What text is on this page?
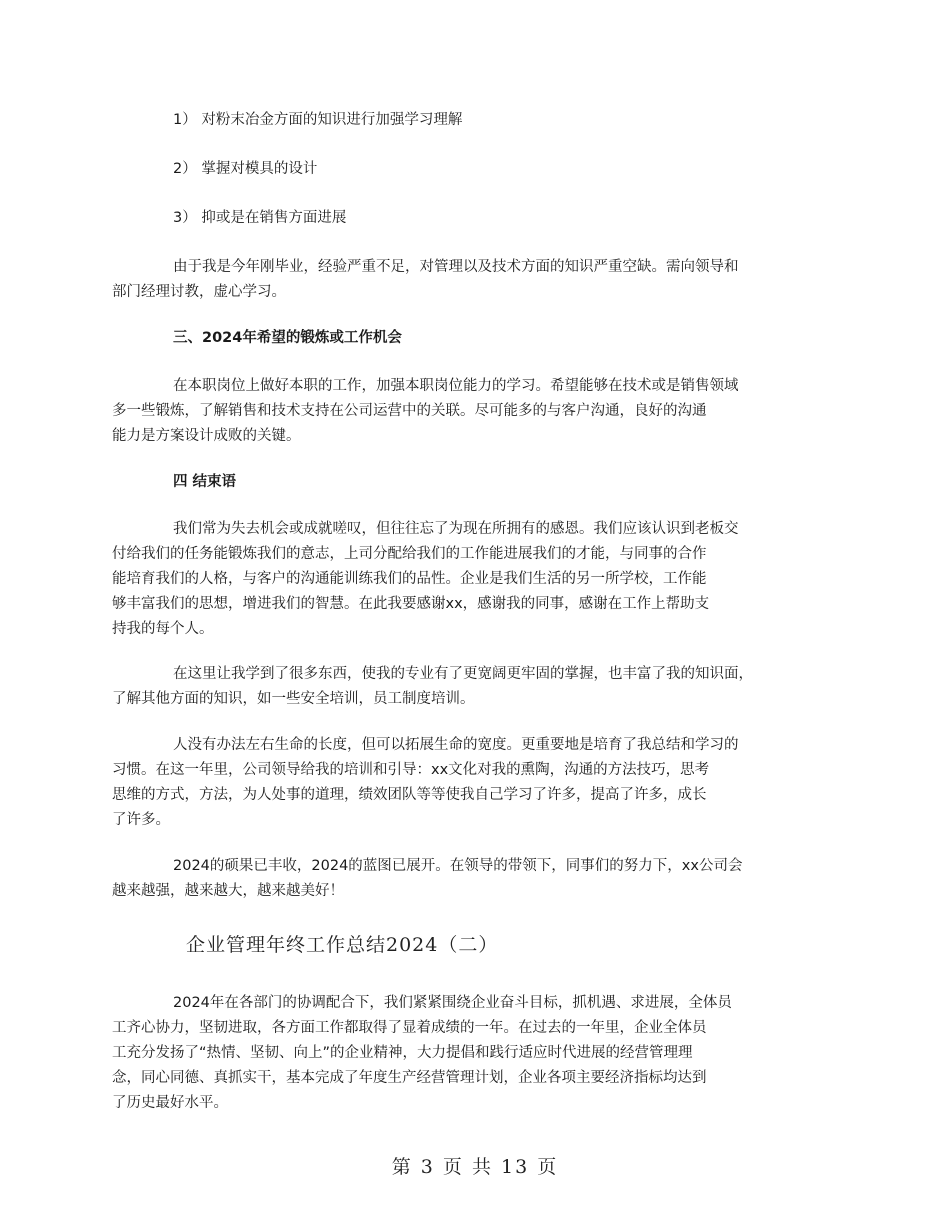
1） 对粉末冶金方面的知识进行加强学习理解
2） 掌握对模具的设计
3） 抑或是在销售方面进展
由于我是今年刚毕业，经验严重不足，对管理以及技术方面的知识严重空缺。需向领导和
部门经理讨教，虚心学习。
三、2024年希望的锻炼或工作机会
在本职岗位上做好本职的工作，加强本职岗位能力的学习。希望能够在技术或是销售领域
多一些锻炼，了解销售和技术支持在公司运营中的关联。尽可能多的与客户沟通，良好的沟通
能力是方案设计成败的关键。
四 结束语
我们常为失去机会或成就嗟叹，但往往忘了为现在所拥有的感恩。我们应该认识到老板交
付给我们的任务能锻炼我们的意志，上司分配给我们的工作能进展我们的才能，与同事的合作
能培育我们的人格，与客户的沟通能训练我们的品性。企业是我们生活的另一所学校，工作能
够丰富我们的思想，增进我们的智慧。在此我要感谢xx，感谢我的同事，感谢在工作上帮助支
持我的每个人。
在这里让我学到了很多东西，使我的专业有了更宽阔更牢固的掌握，也丰富了我的知识面，
了解其他方面的知识，如一些安全培训，员工制度培训。
人没有办法左右生命的长度，但可以拓展生命的宽度。更重要地是培育了我总结和学习的
习惯。在这一年里，公司领导给我的培训和引导：xx文化对我的熏陶，沟通的方法技巧，思考
思维的方式，方法，为人处事的道理，绩效团队等等使我自己学习了许多，提高了许多，成长
了许多。
2024的硕果已丰收，2024的蓝图已展开。在领导的带领下，同事们的努力下，xx公司会
越来越强，越来越大，越来越美好！
企业管理年终工作总结2024（二）
2024年在各部门的协调配合下，我们紧紧围绕企业奋斗目标，抓机遇、求进展，全体员
工齐心协力，坚韧进取，各方面工作都取得了显着成绩的一年。在过去的一年里，企业全体员
工充分发扬了“热情、坚韧、向上”的企业精神，大力提倡和践行适应时代进展的经营管理理
念，同心同德、真抓实干，基本完成了年度生产经营管理计划，企业各项主要经济指标均达到
了历史最好水平。
第 3 页 共 13 页
